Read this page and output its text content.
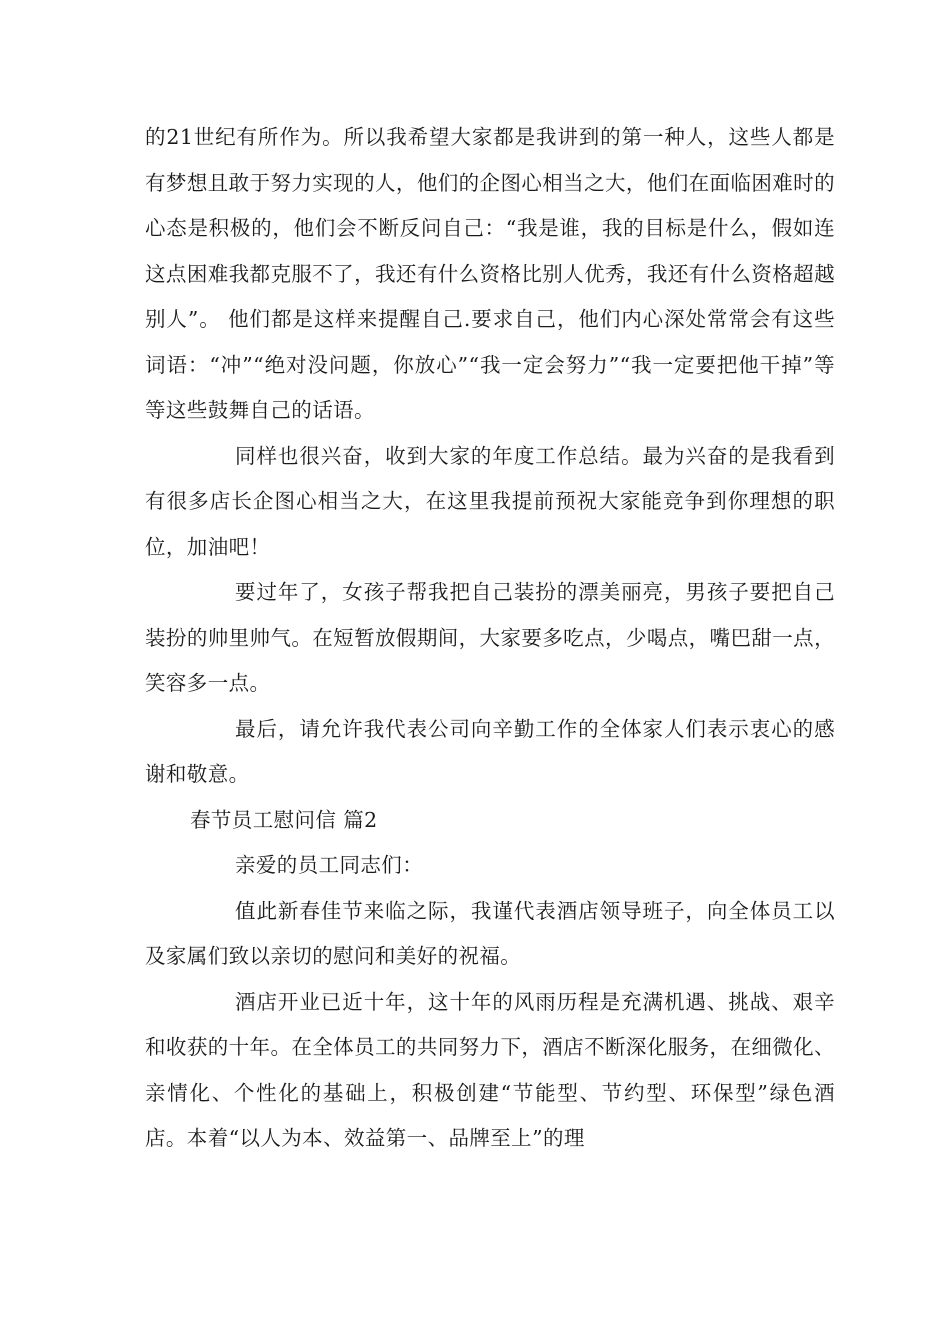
的21世纪有所作为。所以我希望大家都是我讲到的第一种人，这些人都是有梦想且敢于努力实现的人，他们的企图心相当之大，他们在面临困难时的心态是积极的，他们会不断反问自己：“我是谁，我的目标是什么，假如连这点困难我都克服不了，我还有什么资格比别人优秀，我还有什么资格超越别人”。 他们都是这样来提醒自己.要求自己，他们内心深处常常会有这些词语：“冲”“绝对没问题，你放心”“我一定会努力”“我一定要把他干掉”等等这些鼓舞自己的话语。

同样也很兴奋，收到大家的年度工作总结。最为兴奋的是我看到有很多店长企图心相当之大，在这里我提前预祝大家能竞争到你理想的职位，加油吧！

要过年了，女孩子帮我把自己装扮的漂美丽亮，男孩子要把自己装扮的帅里帅气。在短暂放假期间，大家要多吃点，少喝点，嘴巴甜一点，笑容多一点。

最后，请允许我代表公司向辛勤工作的全体家人们表示衷心的感谢和敬意。

春节员工慰问信 篇2

亲爱的员工同志们：

值此新春佳节来临之际，我谨代表酒店领导班子，向全体员工以及家属们致以亲切的慰问和美好的祝福。

酒店开业已近十年，这十年的风雨历程是充满机遇、挑战、艰辛和收获的十年。在全体员工的共同努力下，酒店不断深化服务，在细微化、亲情化、个性化的基础上，积极创建“节能型、节约型、环保型”绿色酒店。本着“以人为本、效益第一、品牌至上”的理
